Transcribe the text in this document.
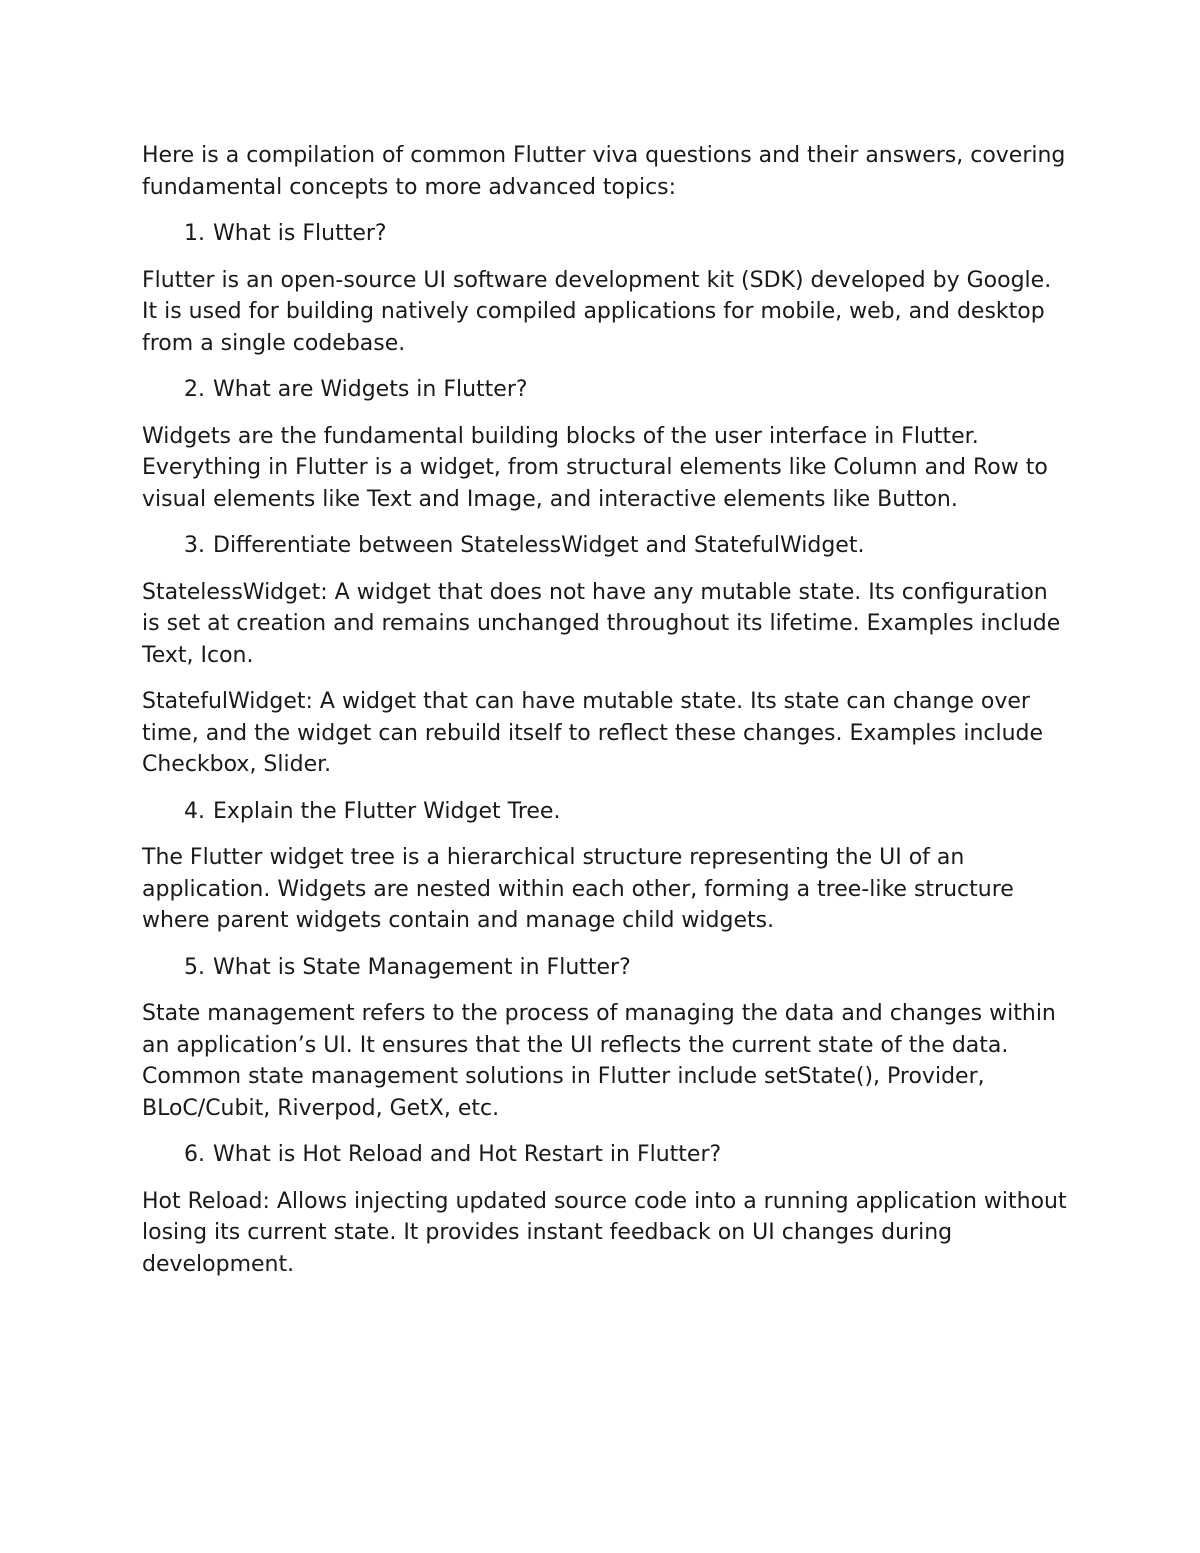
Here is a compilation of common Flutter viva questions and their answers, covering fundamental concepts to more advanced topics:

1. What is Flutter?

Flutter is an open-source UI software development kit (SDK) developed by Google. It is used for building natively compiled applications for mobile, web, and desktop from a single codebase.

2. What are Widgets in Flutter?

Widgets are the fundamental building blocks of the user interface in Flutter. Everything in Flutter is a widget, from structural elements like Column and Row to visual elements like Text and Image, and interactive elements like Button.

3. Differentiate between StatelessWidget and StatefulWidget.

StatelessWidget: A widget that does not have any mutable state. Its configuration is set at creation and remains unchanged throughout its lifetime. Examples include Text, Icon.

StatefulWidget: A widget that can have mutable state. Its state can change over time, and the widget can rebuild itself to reflect these changes. Examples include Checkbox, Slider.

4. Explain the Flutter Widget Tree.

The Flutter widget tree is a hierarchical structure representing the UI of an application. Widgets are nested within each other, forming a tree-like structure where parent widgets contain and manage child widgets.

5. What is State Management in Flutter?

State management refers to the process of managing the data and changes within an application’s UI. It ensures that the UI reflects the current state of the data. Common state management solutions in Flutter include setState(), Provider, BLoC/Cubit, Riverpod, GetX, etc.

6. What is Hot Reload and Hot Restart in Flutter?

Hot Reload: Allows injecting updated source code into a running application without losing its current state. It provides instant feedback on UI changes during development.
